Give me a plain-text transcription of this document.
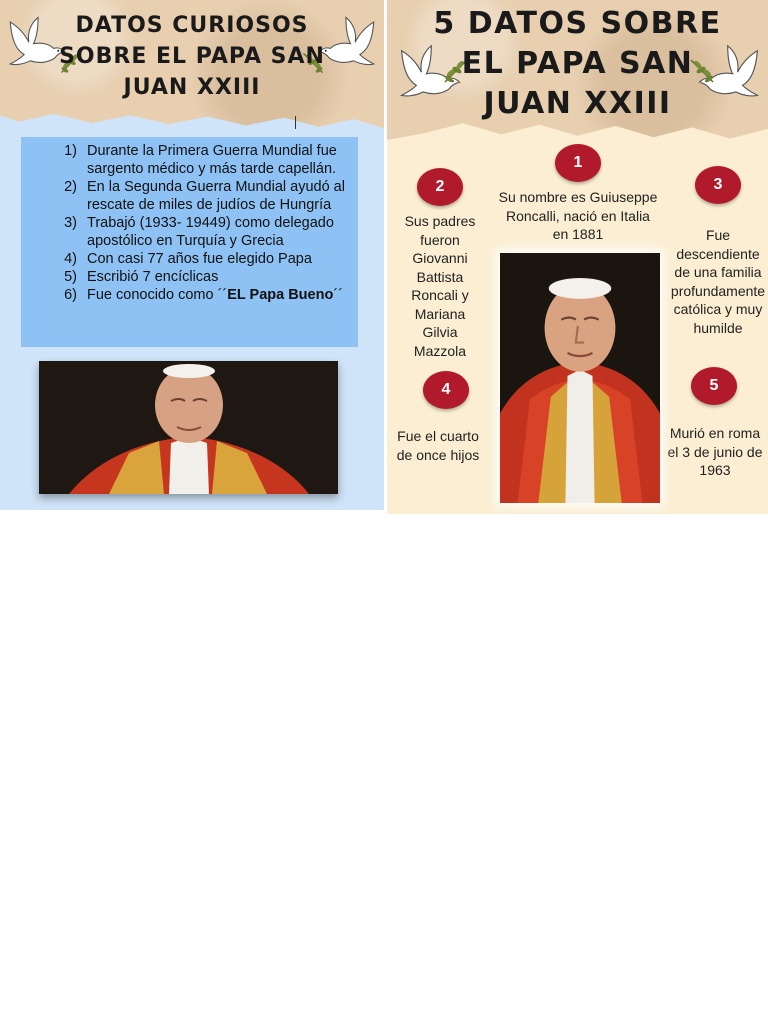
DATOS CURIOSOS
SOBRE EL PAPA SAN
JUAN XXIII
1) Durante la Primera Guerra Mundial fue sargento médico y más tarde capellán.
2) En la Segunda Guerra Mundial ayudó al rescate de miles de judíos de Hungría
3) Trabajó (1933- 19449) como delegado apostólico en Turquía y Grecia
4) Con casi 77 años fue elegido Papa
5) Escribió 7 encíclicas
6) Fue conocido como ´´EL Papa Bueno´´
5 DATOS SOBRE
EL PAPA SAN
JUAN XXIII
1
Su nombre es Guiuseppe Roncalli, nació en Italia en 1881
2
Sus padres fueron Giovanni Battista Roncali y Mariana Gilvia Mazzola
3
Fue descendiente de una familia profundamente católica y muy humilde
4
Fue el cuarto de once hijos
5
Murió en roma el 3 de junio de 1963
